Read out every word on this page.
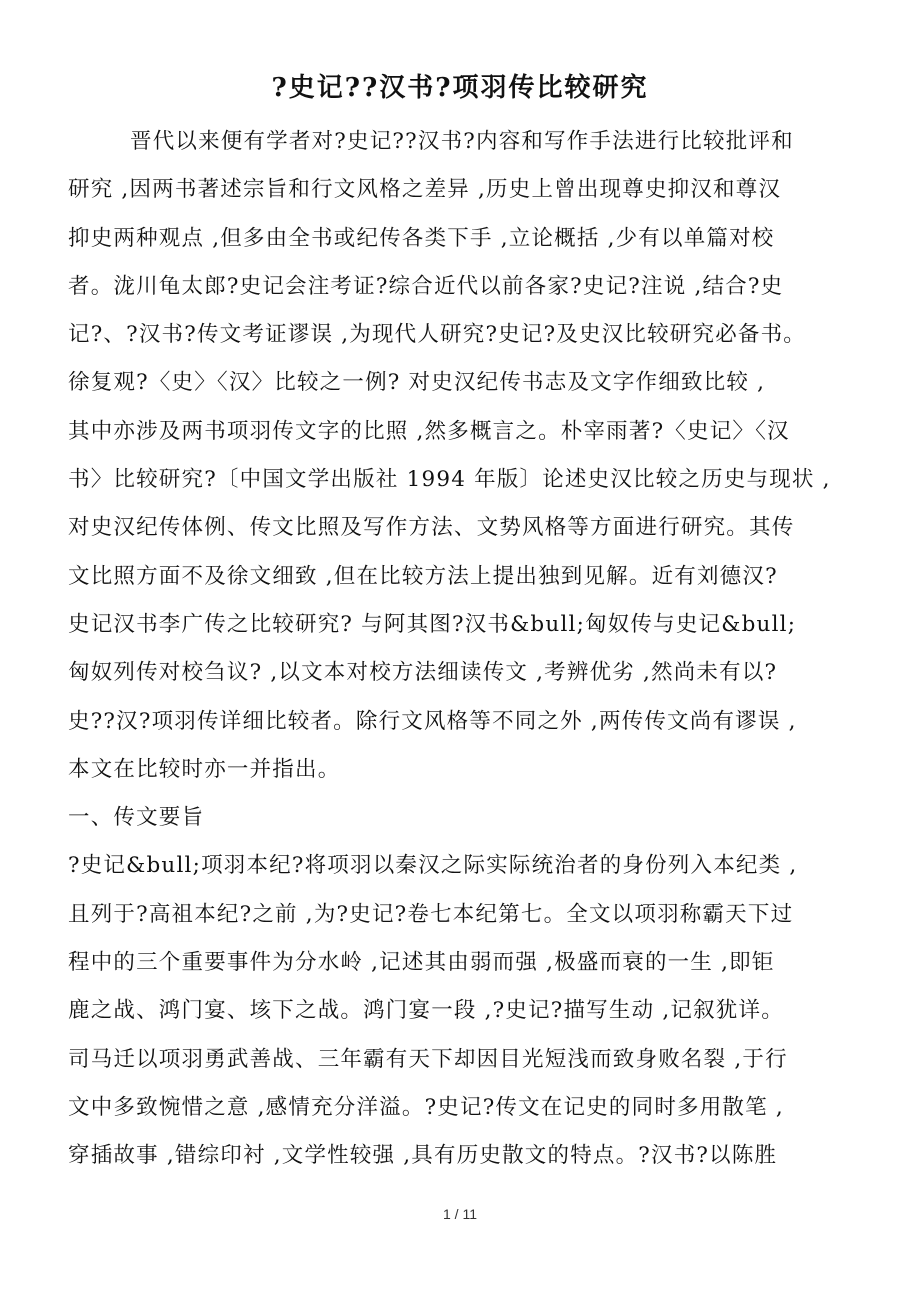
?史记??汉书?项羽传比较研究
晋代以来便有学者对?史记??汉书?内容和写作手法进行比较批评和
研究 ,因两书著述宗旨和行文风格之差异 ,历史上曾出现尊史抑汉和尊汉
抑史两种观点 ,但多由全书或纪传各类下手 ,立论概括 ,少有以单篇对校
者。泷川龟太郎?史记会注考证?综合近代以前各家?史记?注说 ,结合?史
记?、?汉书?传文考证谬误 ,为现代人研究?史记?及史汉比较研究必备书。
徐复观?〈史〉〈汉〉比较之一例? 对史汉纪传书志及文字作细致比较 ,
其中亦涉及两书项羽传文字的比照 ,然多概言之。朴宰雨著?〈史记〉〈汉
书〉比较研究?〔中国文学出版社 1994 年版〕论述史汉比较之历史与现状 ,
对史汉纪传体例、传文比照及写作方法、文势风格等方面进行研究。其传
文比照方面不及徐文细致 ,但在比较方法上提出独到见解。近有刘德汉?
史记汉书李广传之比较研究? 与阿其图?汉书&bull;匈奴传与史记&bull;
匈奴列传对校刍议? ,以文本对校方法细读传文 ,考辨优劣 ,然尚未有以?
史??汉?项羽传详细比较者。除行文风格等不同之外 ,两传传文尚有谬误 ,
本文在比较时亦一并指出。
一、传文要旨
?史记&bull;项羽本纪?将项羽以秦汉之际实际统治者的身份列入本纪类 ,
且列于?高祖本纪?之前 ,为?史记?卷七本纪第七。全文以项羽称霸天下过
程中的三个重要事件为分水岭 ,记述其由弱而强 ,极盛而衰的一生 ,即钜
鹿之战、鸿门宴、垓下之战。鸿门宴一段 ,?史记?描写生动 ,记叙犹详。
司马迁以项羽勇武善战、三年霸有天下却因目光短浅而致身败名裂 ,于行
文中多致惋惜之意 ,感情充分洋溢。?史记?传文在记史的同时多用散笔 ,
穿插故事 ,错综印衬 ,文学性较强 ,具有历史散文的特点。?汉书?以陈胜
1 / 11
